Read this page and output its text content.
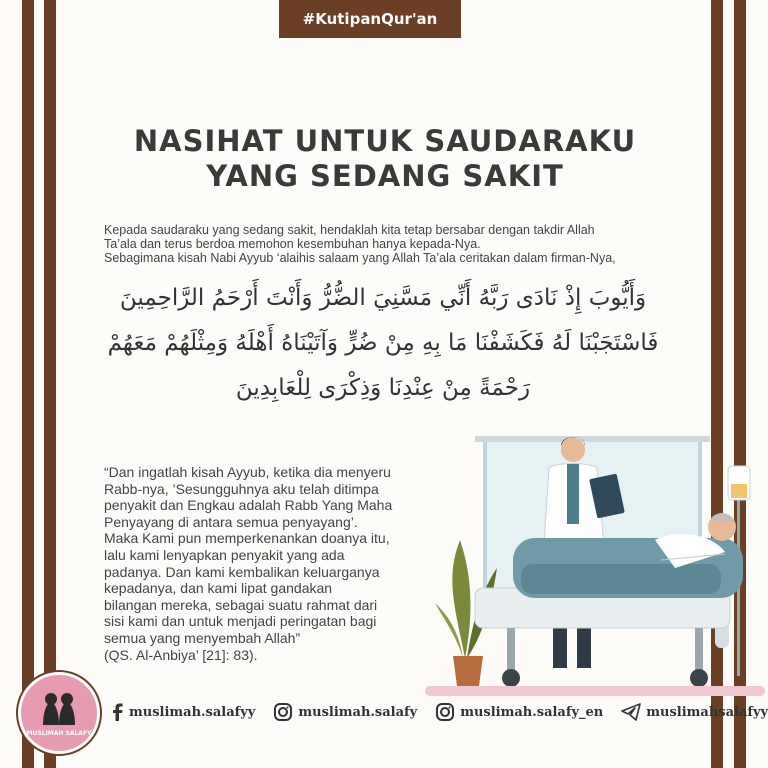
#KutipanQur'an
NASIHAT UNTUK SAUDARAKU
YANG SEDANG SAKIT
Kepada saudaraku yang sedang sakit, hendaklah kita tetap bersabar dengan takdir Allah
Ta’ala dan terus berdoa memohon kesembuhan hanya kepada-Nya.
Sebagimana kisah Nabi Ayyub ‘alaihis salaam yang Allah Ta’ala ceritakan dalam firman-Nya,
وَأَيُّوبَ إِذْ نَادَى رَبَّهُ أَنِّي مَسَّنِيَ الضُّرُّ وَأَنْتَ أَرْحَمُ الرَّاحِمِينَ فَاسْتَجَبْنَا لَهُ فَكَشَفْنَا مَا بِهِ مِنْ ضُرٍّ وَآتَيْنَاهُ أَهْلَهُ وَمِثْلَهُمْ مَعَهُمْ رَحْمَةً مِنْ عِنْدِنَا وَذِكْرَى لِلْعَابِدِينَ
“Dan ingatlah kisah Ayyub, ketika dia menyeru
Rabb-nya, ’Sesungguhnya aku telah ditimpa
penyakit dan Engkau adalah Rabb Yang Maha
Penyayang di antara semua penyayang’.
Maka Kami pun memperkenankan doanya itu,
lalu kami lenyapkan penyakit yang ada
padanya. Dan kami kembalikan keluarganya
kepadanya, dan kami lipat gandakan
bilangan mereka, sebagai suatu rahmat dari
sisi kami dan untuk menjadi peringatan bagi
semua yang menyembah Allah”
(QS. Al-Anbiya’ [21]: 83).
MUSLIMAH SALAFY
muslimah.salafyy	muslimah.salafy	muslimah.salafy_en	muslimahsalafyy
